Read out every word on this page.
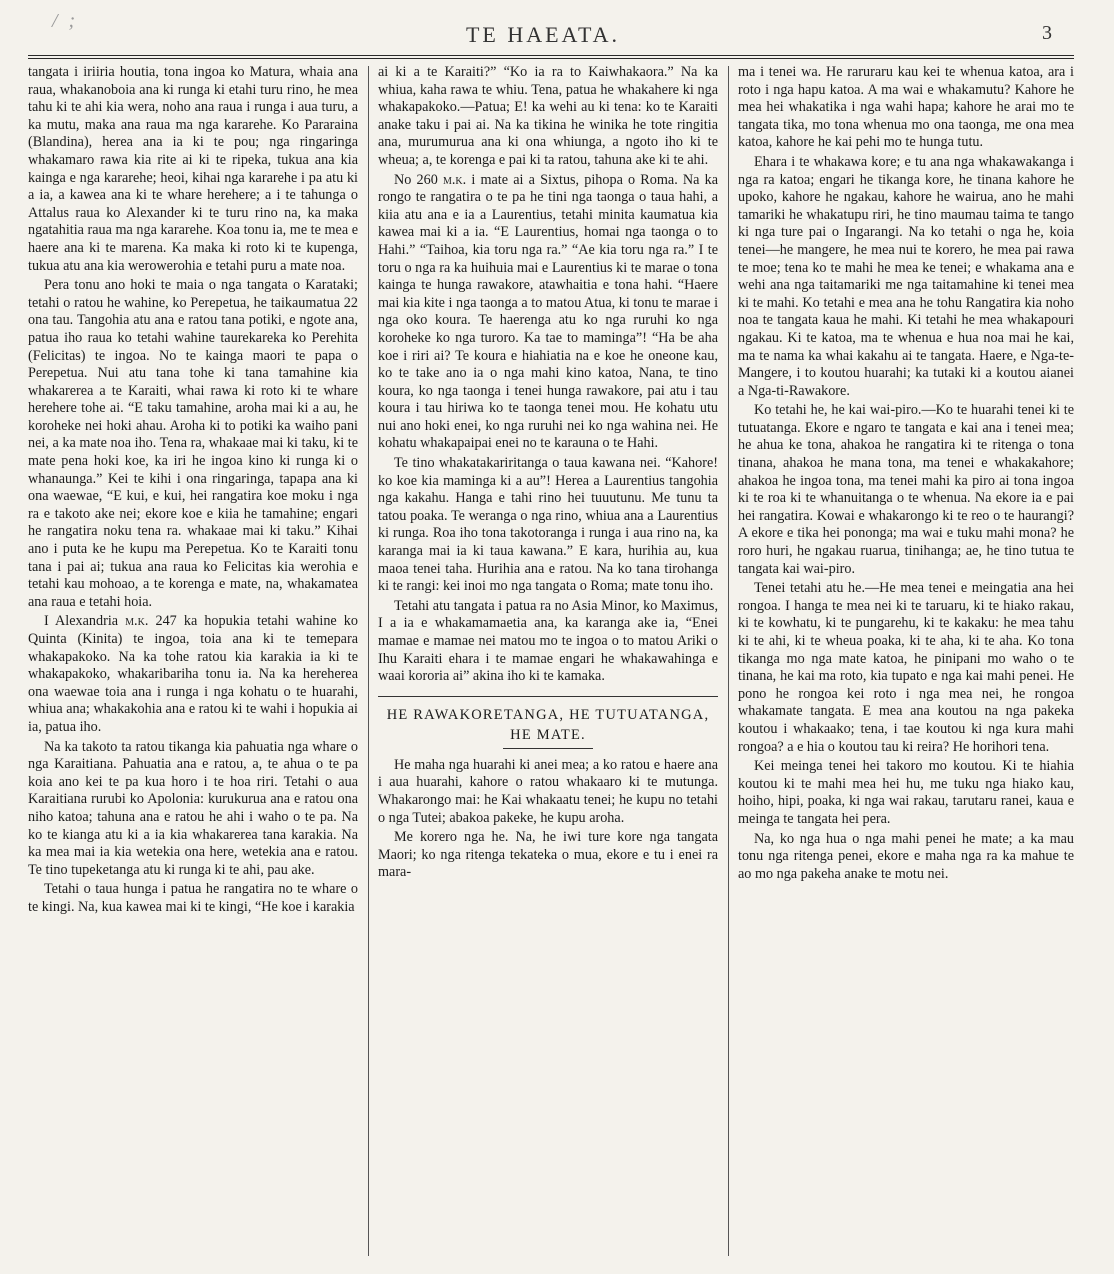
/ ;
TE HAEATA.	3

tangata i iriiria houtia, tona ingoa ko Matura, whaia ana raua, whakanoboia ana ki runga ki etahi turu rino, he mea tahu ki te ahi kia wera, noho ana raua i runga i aua turu, a ka mutu, maka ana raua ma nga kararehe. Ko Pararaina (Blandina), herea ana ia ki te pou; nga ringaringa whakamaro rawa kia rite ai ki te ripeka, tukua ana kia kainga e nga kararehe; heoi, kihai nga kararehe i pa atu ki a ia, a kawea ana ki te whare herehere; a i te tahunga o Attalus raua ko Alexander ki te turu rino na, ka maka ngatahitia raua ma nga kararehe. Koa tonu ia, me te mea e haere ana ki te marena. Ka maka ki roto ki te kupenga, tukua atu ana kia werowerohia e tetahi puru a mate noa.

Pera tonu ano hoki te maia o nga tangata o Karataki; tetahi o ratou he wahine, ko Perepetua, he taikaumatua 22 ona tau. Tangohia atu ana e ratou tana potiki, e ngote ana, patua iho raua ko tetahi wahine taurekareka ko Perehita (Felicitas) te ingoa. No te kainga maori te papa o Perepetua. Nui atu tana tohe ki tana tamahine kia whakarerea a te Karaiti, whai rawa ki roto ki te whare herehere tohe ai. “E taku tamahine, aroha mai ki a au, he koroheke nei hoki ahau. Aroha ki to potiki ka waiho pani nei, a ka mate noa iho. Tena ra, whakaae mai ki taku, ki te mate pena hoki koe, ka iri he ingoa kino ki runga ki o whanaunga.” Kei te kihi i ona ringaringa, tapapa ana ki ona waewae, “E kui, e kui, hei rangatira koe moku i nga ra e takoto ake nei; ekore koe e kiia he tamahine; engari he rangatira noku tena ra. whakaae mai ki taku.” Kihai ano i puta ke he kupu ma Perepetua. Ko te Karaiti tonu tana i pai ai; tukua ana raua ko Felicitas kia werohia e tetahi kau mohoao, a te korenga e mate, na, whakamatea ana raua e tetahi hoia.

I Alexandria m.k. 247 ka hopukia tetahi wahine ko Quinta (Kinita) te ingoa, toia ana ki te temepara whakapakoko. Na ka tohe ratou kia karakia ia ki te whakapakoko, whakaribariha tonu ia. Na ka hereherea ona waewae toia ana i runga i nga kohatu o te huarahi, whiua ana; whakakohia ana e ratou ki te wahi i hopukia ai ia, patua iho.

Na ka takoto ta ratou tikanga kia pahuatia nga whare o nga Karaitiana. Pahuatia ana e ratou, a, te ahua o te pa koia ano kei te pa kua horo i te hoa riri. Tetahi o aua Karaitiana rurubi ko Apolonia: kurukurua ana e ratou ona niho katoa; tahuna ana e ratou he ahi i waho o te pa. Na ko te kianga atu ki a ia kia whakarerea tana karakia. Na ka mea mai ia kia wetekia ona here, wetekia ana e ratou. Te tino tupeketanga atu ki runga ki te ahi, pau ake.

Tetahi o taua hunga i patua he rangatira no te whare o te kingi. Na, kua kawea mai ki te kingi, “He koe i karakia

ai ki a te Karaiti?” “Ko ia ra to Kaiwhakaora.” Na ka whiua, kaha rawa te whiu. Tena, patua he whakahere ki nga whakapakoko.—Patua; E! ka wehi au ki tena: ko te Karaiti anake taku i pai ai. Na ka tikina he winika he tote ringitia ana, murumurua ana ki ona whiunga, a ngoto iho ki te wheua; a, te korenga e pai ki ta ratou, tahuna ake ki te ahi.

No 260 m.k. i mate ai a Sixtus, pihopa o Roma. Na ka rongo te rangatira o te pa he tini nga taonga o taua hahi, a kiia atu ana e ia a Laurentius, tetahi minita kaumatua kia kawea mai ki a ia. “E Laurentius, homai nga taonga o to Hahi.” “Taihoa, kia toru nga ra.” “Ae kia toru nga ra.” I te toru o nga ra ka huihuia mai e Laurentius ki te marae o tona kainga te hunga rawakore, atawhaitia e tona hahi. “Haere mai kia kite i nga taonga a to matou Atua, ki tonu te marae i nga oko koura. Te haerenga atu ko nga ruruhi ko nga koroheke ko nga turoro. Ka tae to maminga”! “Ha be aha koe i riri ai? Te koura e hiahiatia na e koe he oneone kau, ko te take ano ia o nga mahi kino katoa, Nana, te tino koura, ko nga taonga i tenei hunga rawakore, pai atu i tau koura i tau hiriwa ko te taonga tenei mou. He kohatu utu nui ano hoki enei, ko nga ruruhi nei ko nga wahina nei. He kohatu whakapaipai enei no te karauna o te Hahi.

Te tino whakatakariritanga o taua kawana nei. “Kahore! ko koe kia maminga ki a au”! Herea a Laurentius tangohia nga kakahu. Hanga e tahi rino hei tuuutunu. Me tunu ta tatou poaka. Te weranga o nga rino, whiua ana a Laurentius ki runga. Roa iho tona takotoranga i runga i aua rino na, ka karanga mai ia ki taua kawana.” E kara, hurihia au, kua maoa tenei taha. Hurihia ana e ratou. Na ko tana tirohanga ki te rangi: kei inoi mo nga tangata o Roma; mate tonu iho.

Tetahi atu tangata i patua ra no Asia Minor, ko Maximus, I a ia e whakamamaetia ana, ka karanga ake ia, “Enei mamae e mamae nei matou mo te ingoa o to matou Ariki o Ihu Karaiti ehara i te mamae engari he whakawahinga e waai kororia ai” akina iho ki te kamaka.

HE RAWAKORETANGA, HE TUTUATANGA, HE MATE.

He maha nga huarahi ki anei mea; a ko ratou e haere ana i aua huarahi, kahore o ratou whakaaro ki te mutunga. Whakarongo mai: he Kai whakaatu tenei; he kupu no tetahi o nga Tutei; abakoa pakeke, he kupu aroha.

Me korero nga he. Na, he iwi ture kore nga tangata Maori; ko nga ritenga tekateka o mua, ekore e tu i enei ra mara-

ma i tenei wa. He raruraru kau kei te whenua katoa, ara i roto i nga hapu katoa. A ma wai e whakamutu? Kahore he mea hei whakatika i nga wahi hapa; kahore he arai mo te tangata tika, mo tona whenua mo ona taonga, me ona mea katoa, kahore he kai pehi mo te hunga tutu.

Ehara i te whakawa kore; e tu ana nga whakawakanga i nga ra katoa; engari he tikanga kore, he tinana kahore he upoko, kahore he ngakau, kahore he wairua, ano he mahi tamariki he whakatupu riri, he tino maumau taima te tango ki nga ture pai o Ingarangi. Na ko tetahi o nga he, koia tenei—he mangere, he mea nui te korero, he mea pai rawa te moe; tena ko te mahi he mea ke tenei; e whakama ana e wehi ana nga taitamariki me nga taitamahine ki tenei mea ki te mahi. Ko tetahi e mea ana he tohu Rangatira kia noho noa te tangata kaua he mahi. Ki tetahi he mea whakapouri ngakau. Ki te katoa, ma te whenua e hua noa mai he kai, ma te nama ka whai kakahu ai te tangata. Haere, e Nga-te-Mangere, i to koutou huarahi; ka tutaki ki a koutou aianei a Nga-ti-Rawakore.

Ko tetahi he, he kai wai-piro.—Ko te huarahi tenei ki te tutuatanga. Ekore e ngaro te tangata e kai ana i tenei mea; he ahua ke tona, ahakoa he rangatira ki te ritenga o tona tinana, ahakoa he mana tona, ma tenei e whakakahore; ahakoa he ingoa tona, ma tenei mahi ka piro ai tona ingoa ki te roa ki te whanuitanga o te whenua. Na ekore ia e pai hei rangatira. Kowai e whakarongo ki te reo o te haurangi? A ekore e tika hei pononga; ma wai e tuku mahi mona? he roro huri, he ngakau ruarua, tinihanga; ae, he tino tutua te tangata kai wai-piro.

Tenei tetahi atu he.—He mea tenei e meingatia ana hei rongoa. I hanga te mea nei ki te taruaru, ki te hiako rakau, ki te kowhatu, ki te pungarehu, ki te kakaku: he mea tahu ki te ahi, ki te wheua poaka, ki te aha, ki te aha. Ko tona tikanga mo nga mate katoa, he pinipani mo waho o te tinana, he kai ma roto, kia tupato e nga kai mahi penei. He pono he rongoa kei roto i nga mea nei, he rongoa whakamate tangata. E mea ana koutou na nga pakeka koutou i whakaako; tena, i tae koutou ki nga kura mahi rongoa? a e hia o koutou tau ki reira? He horihori tena.

Kei meinga tenei hei takoro mo koutou. Ki te hiahia koutou ki te mahi mea hei hu, me tuku nga hiako kau, hoiho, hipi, poaka, ki nga wai rakau, tarutaru ranei, kaua e meinga te tangata hei pera.

Na, ko nga hua o nga mahi penei he mate; a ka mau tonu nga ritenga penei, ekore e maha nga ra ka mahue te ao mo nga pakeha anake te motu nei.
